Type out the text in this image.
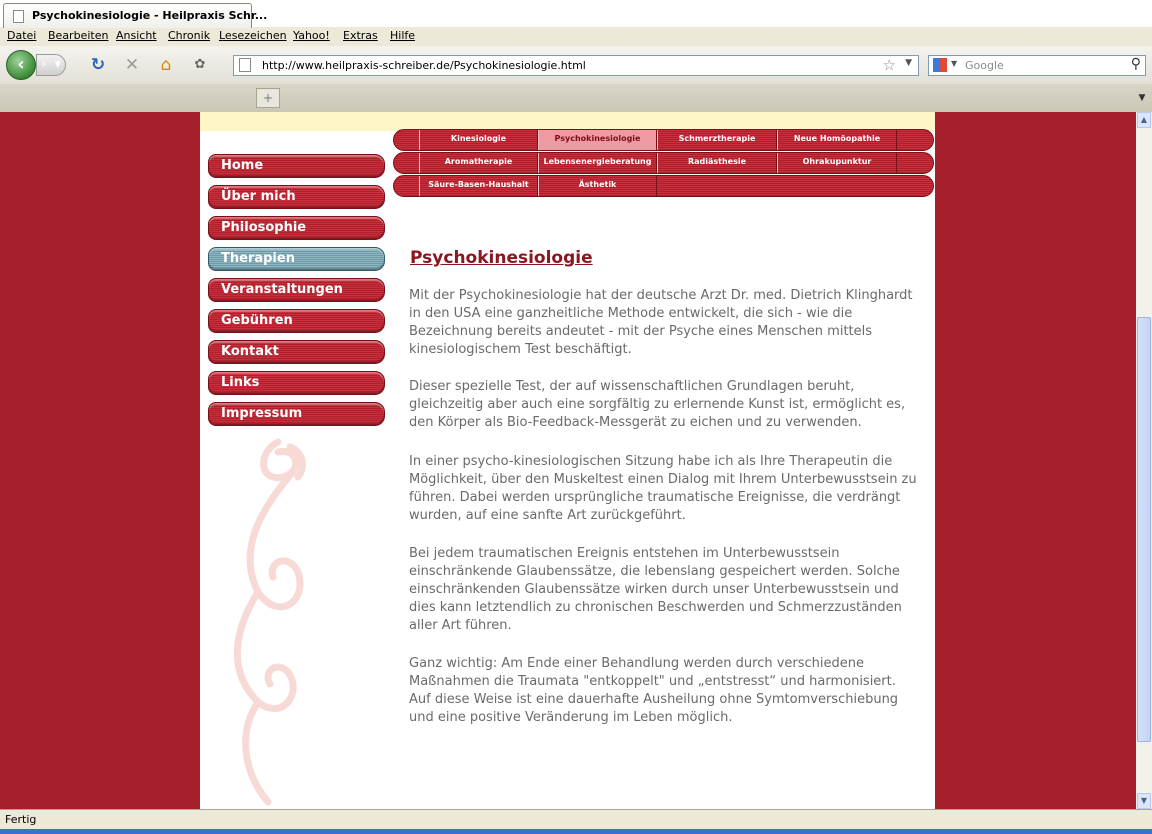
Datei Bearbeiten Ansicht Chronik Lesezeichen Yahoo! Extras Hilfe
›  ▾
‹	↻ ✕ ⌂	✿	http://www.heilpraxis-schreiber.de/Psychokinesiologie.html	☆ ▼	▼ Google	⚲
Psychokinesiologie - Heilpraxis Schr...
+	▼
Home
Über mich
Philosophie
Therapien
Veranstaltungen
Gebühren
Kontakt
Links
Impressum
Kinesiologie	Psychokinesiologie	Schmerztherapie	Neue Homöopathie
Aromatherapie	Lebensenergieberatung	Radiästhesie	Ohrakupunktur
Säure-Basen-Haushalt	Ästhetik
Psychokinesiologie

Mit der Psychokinesiologie hat der deutsche Arzt Dr. med. Dietrich Klinghardt in den USA eine ganzheitliche Methode entwickelt, die sich - wie die Bezeichnung bereits andeutet - mit der Psyche eines Menschen mittels kinesiologischem Test beschäftigt.

Dieser spezielle Test, der auf wissenschaftlichen Grundlagen beruht, gleichzeitig aber auch eine sorgfältig zu erlernende Kunst ist, ermöglicht es, den Körper als Bio-Feedback-Messgerät zu eichen und zu verwenden.

In einer psycho-kinesiologischen Sitzung habe ich als Ihre Therapeutin die Möglichkeit, über den Muskeltest einen Dialog mit Ihrem Unterbewusstsein zu führen. Dabei werden ursprüngliche traumatische Ereignisse, die verdrängt wurden, auf eine sanfte Art zurückgeführt.

Bei jedem traumatischen Ereignis entstehen im Unterbewusstsein einschränkende Glaubenssätze, die lebenslang gespeichert werden. Solche einschränkenden Glaubenssätze wirken durch unser Unterbewusstsein und dies kann letztendlich zu chronischen Beschwerden und Schmerzzuständen aller Art führen.

Ganz wichtig: Am Ende einer Behandlung werden durch verschiedene Maßnahmen die Traumata "entkoppelt" und „entstresst“ und harmonisiert. Auf diese Weise ist eine dauerhafte Ausheilung ohne Symtomverschiebung und eine positive Veränderung im Leben möglich.

▲
▼
Fertig
